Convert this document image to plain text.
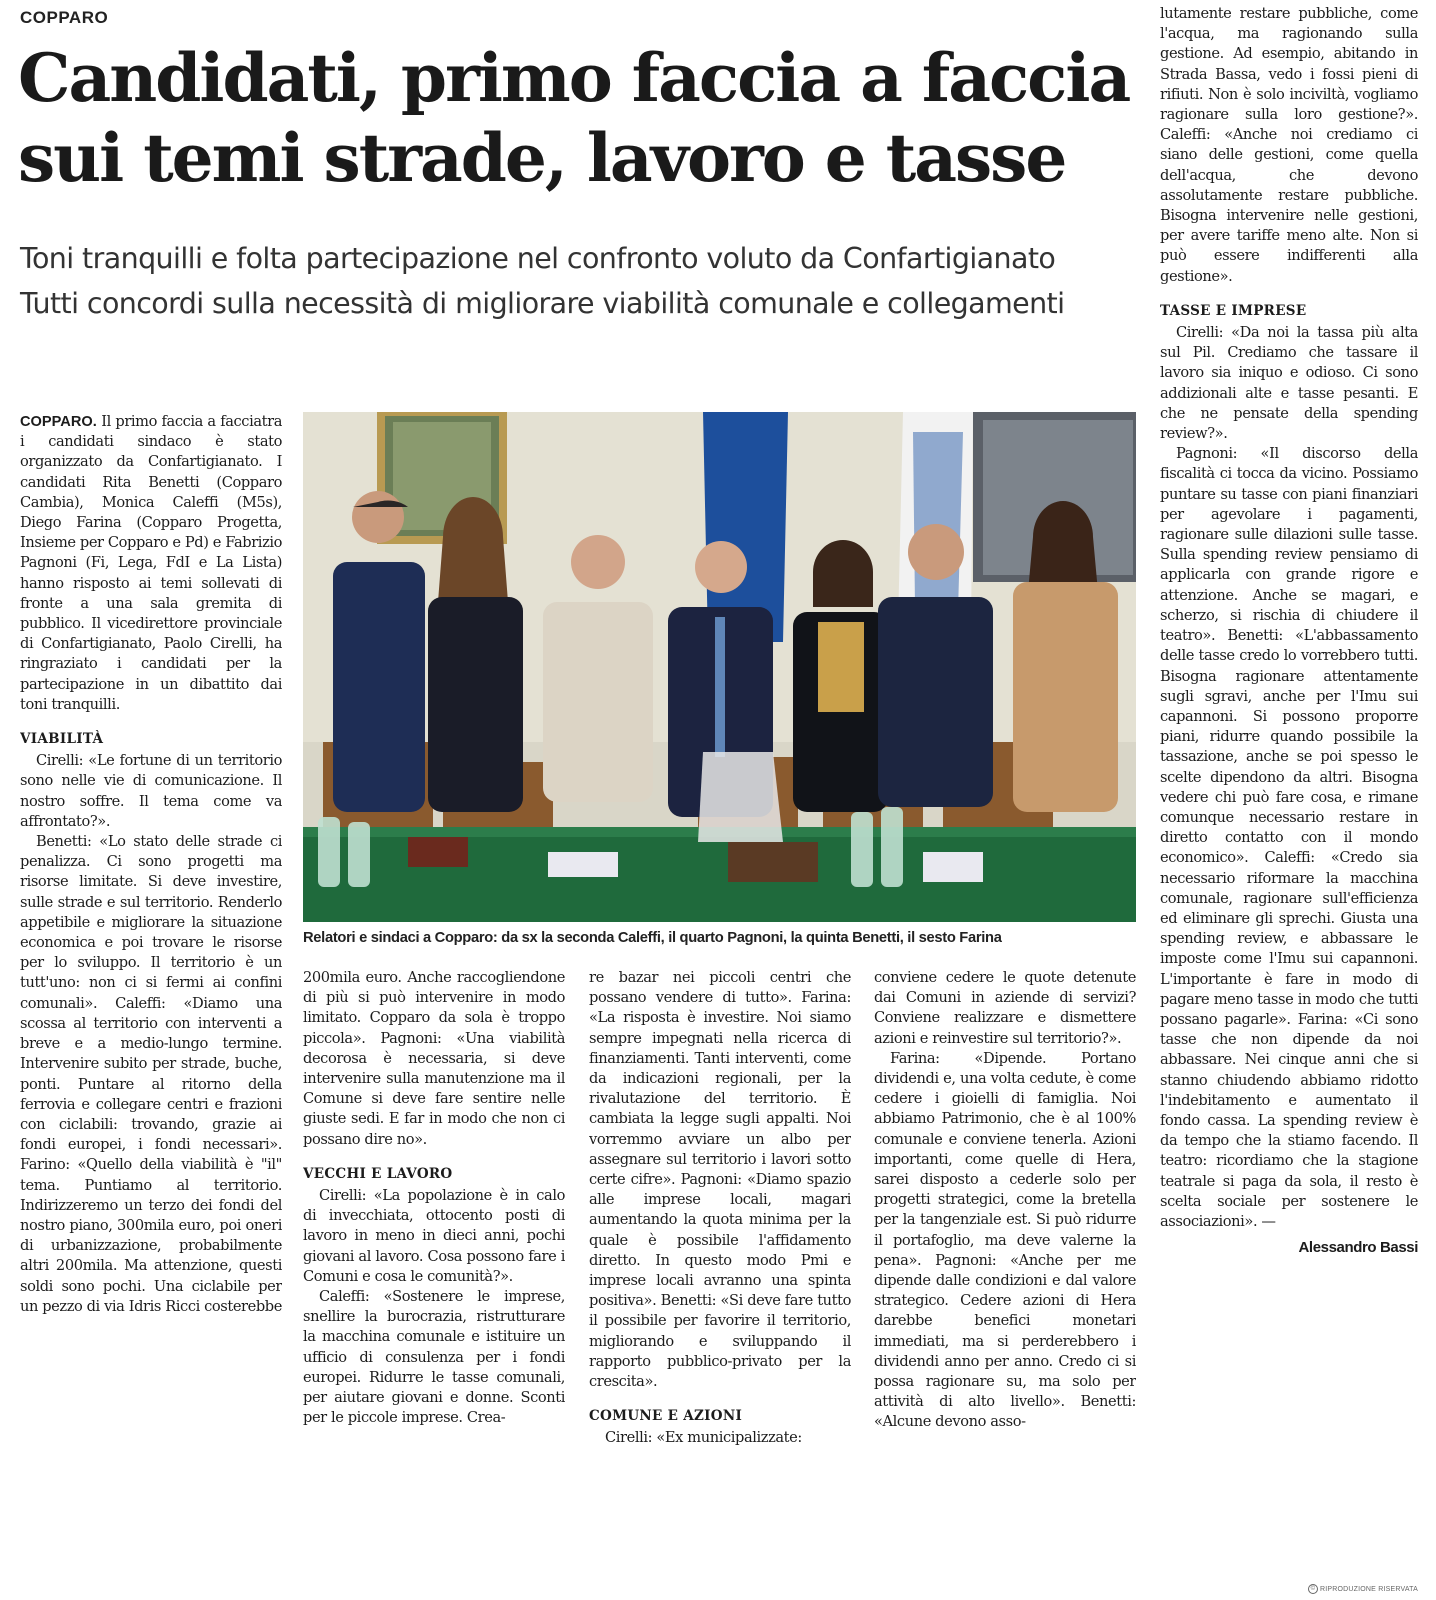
COPPARO
Candidati, primo faccia a faccia
sui temi strade, lavoro e tasse
Toni tranquilli e folta partecipazione nel confronto voluto da Confartigianato
Tutti concordi sulla necessità di migliorare viabilità comunale e collegamenti

COPPARO. Il primo faccia a facciatra i candidati sindaco è stato organizzato da Confartigianato. I candidati Rita Benetti (Copparo Cambia), Monica Caleffi (M5s), Diego Farina (Copparo Progetta, Insieme per Copparo e Pd) e Fabrizio Pagnoni (Fi, Lega, FdI e La Lista) hanno risposto ai temi sollevati di fronte a una sala gremita di pubblico. Il vicedirettore provinciale di Confartigianato, Paolo Cirelli, ha ringraziato i candidati per la partecipazione in un dibattito dai toni tranquilli.

VIABILITÀ

Cirelli: «Le fortune di un territorio sono nelle vie di comunicazione. Il nostro soffre. Il tema come va affrontato?».

Benetti: «Lo stato delle strade ci penalizza. Ci sono progetti ma risorse limitate. Si deve investire, sulle strade e sul territorio. Renderlo appetibile e migliorare la situazione economica e poi trovare le risorse per lo sviluppo. Il territorio è un tutt'uno: non ci si fermi ai confini comunali». Caleffi: «Diamo una scossa al territorio con interventi a breve e a medio-lungo termine. Intervenire subito per strade, buche, ponti. Puntare al ritorno della ferrovia e collegare centri e frazioni con ciclabili: trovando, grazie ai fondi europei, i fondi necessari». Farino: «Quello della viabilità è "il" tema. Puntiamo al territorio. Indirizzeremo un terzo dei fondi del nostro piano, 300mila euro, poi oneri di urbanizzazione, probabilmente altri 200mila. Ma attenzione, questi soldi sono pochi. Una ciclabile per un pezzo di via Idris Ricci costerebbe

Relatori e sindaci a Copparo: da sx la seconda Caleffi, il quarto Pagnoni, la quinta Benetti, il sesto Farina

200mila euro. Anche raccogliendone di più si può intervenire in modo limitato. Copparo da sola è troppo piccola». Pagnoni: «Una viabilità decorosa è necessaria, si deve intervenire sulla manutenzione ma il Comune si deve fare sentire nelle giuste sedi. E far in modo che non ci possano dire no».

VECCHI E LAVORO

Cirelli: «La popolazione è in calo di invecchiata, ottocento posti di lavoro in meno in dieci anni, pochi giovani al lavoro. Cosa possono fare i Comuni e cosa le comunità?».

Caleffi: «Sostenere le imprese, snellire la burocrazia, ristrutturare la macchina comunale e istituire un ufficio di consulenza per i fondi europei. Ridurre le tasse comunali, per aiutare giovani e donne. Sconti per le piccole imprese. Crea-

re bazar nei piccoli centri che possano vendere di tutto». Farina: «La risposta è investire. Noi siamo sempre impegnati nella ricerca di finanziamenti. Tanti interventi, come da indicazioni regionali, per la rivalutazione del territorio. È cambiata la legge sugli appalti. Noi vorremmo avviare un albo per assegnare sul territorio i lavori sotto certe cifre». Pagnoni: «Diamo spazio alle imprese locali, magari aumentando la quota minima per la quale è possibile l'affidamento diretto. In questo modo Pmi e imprese locali avranno una spinta positiva». Benetti: «Si deve fare tutto il possibile per favorire il territorio, migliorando e sviluppando il rapporto pubblico-privato per la crescita».

COMUNE E AZIONI

Cirelli: «Ex municipalizzate:

conviene cedere le quote detenute dai Comuni in aziende di servizi? Conviene realizzare e dismettere azioni e reinvestire sul territorio?».

Farina: «Dipende. Portano dividendi e, una volta cedute, è come cedere i gioielli di famiglia. Noi abbiamo Patrimonio, che è al 100% comunale e conviene tenerla. Azioni importanti, come quelle di Hera, sarei disposto a cederle solo per progetti strategici, come la bretella per la tangenziale est. Si può ridurre il portafoglio, ma deve valerne la pena». Pagnoni: «Anche per me dipende dalle condizioni e dal valore strategico. Cedere azioni di Hera darebbe benefici monetari immediati, ma si perderebbero i dividendi anno per anno. Credo ci si possa ragionare su, ma solo per attività di alto livello». Benetti: «Alcune devono asso-

lutamente restare pubbliche, come l'acqua, ma ragionando sulla gestione. Ad esempio, abitando in Strada Bassa, vedo i fossi pieni di rifiuti. Non è solo inciviltà, vogliamo ragionare sulla loro gestione?». Caleffi: «Anche noi crediamo ci siano delle gestioni, come quella dell'acqua, che devono assolutamente restare pubbliche. Bisogna intervenire nelle gestioni, per avere tariffe meno alte. Non si può essere indifferenti alla gestione».

TASSE E IMPRESE

Cirelli: «Da noi la tassa più alta sul Pil. Crediamo che tassare il lavoro sia iniquo e odioso. Ci sono addizionali alte e tasse pesanti. E che ne pensate della spending review?».

Pagnoni: «Il discorso della fiscalità ci tocca da vicino. Possiamo puntare su tasse con piani finanziari per agevolare i pagamenti, ragionare sulle dilazioni sulle tasse. Sulla spending review pensiamo di applicarla con grande rigore e attenzione. Anche se magari, e scherzo, si rischia di chiudere il teatro». Benetti: «L'abbassamento delle tasse credo lo vorrebbero tutti. Bisogna ragionare attentamente sugli sgravi, anche per l'Imu sui capannoni. Si possono proporre piani, ridurre quando possibile la tassazione, anche se poi spesso le scelte dipendono da altri. Bisogna vedere chi può fare cosa, e rimane comunque necessario restare in diretto contatto con il mondo economico». Caleffi: «Credo sia necessario riformare la macchina comunale, ragionare sull'efficienza ed eliminare gli sprechi. Giusta una spending review, e abbassare le imposte come l'Imu sui capannoni. L'importante è fare in modo di pagare meno tasse in modo che tutti possano pagarle». Farina: «Ci sono tasse che non dipende da noi abbassare. Nei cinque anni che si stanno chiudendo abbiamo ridotto l'indebitamento e aumentato il fondo cassa. La spending review è da tempo che la stiamo facendo. Il teatro: ricordiamo che la stagione teatrale si paga da sola, il resto è scelta sociale per sostenere le associazioni». —

Alessandro Bassi

© RIPRODUZIONE RISERVATA
